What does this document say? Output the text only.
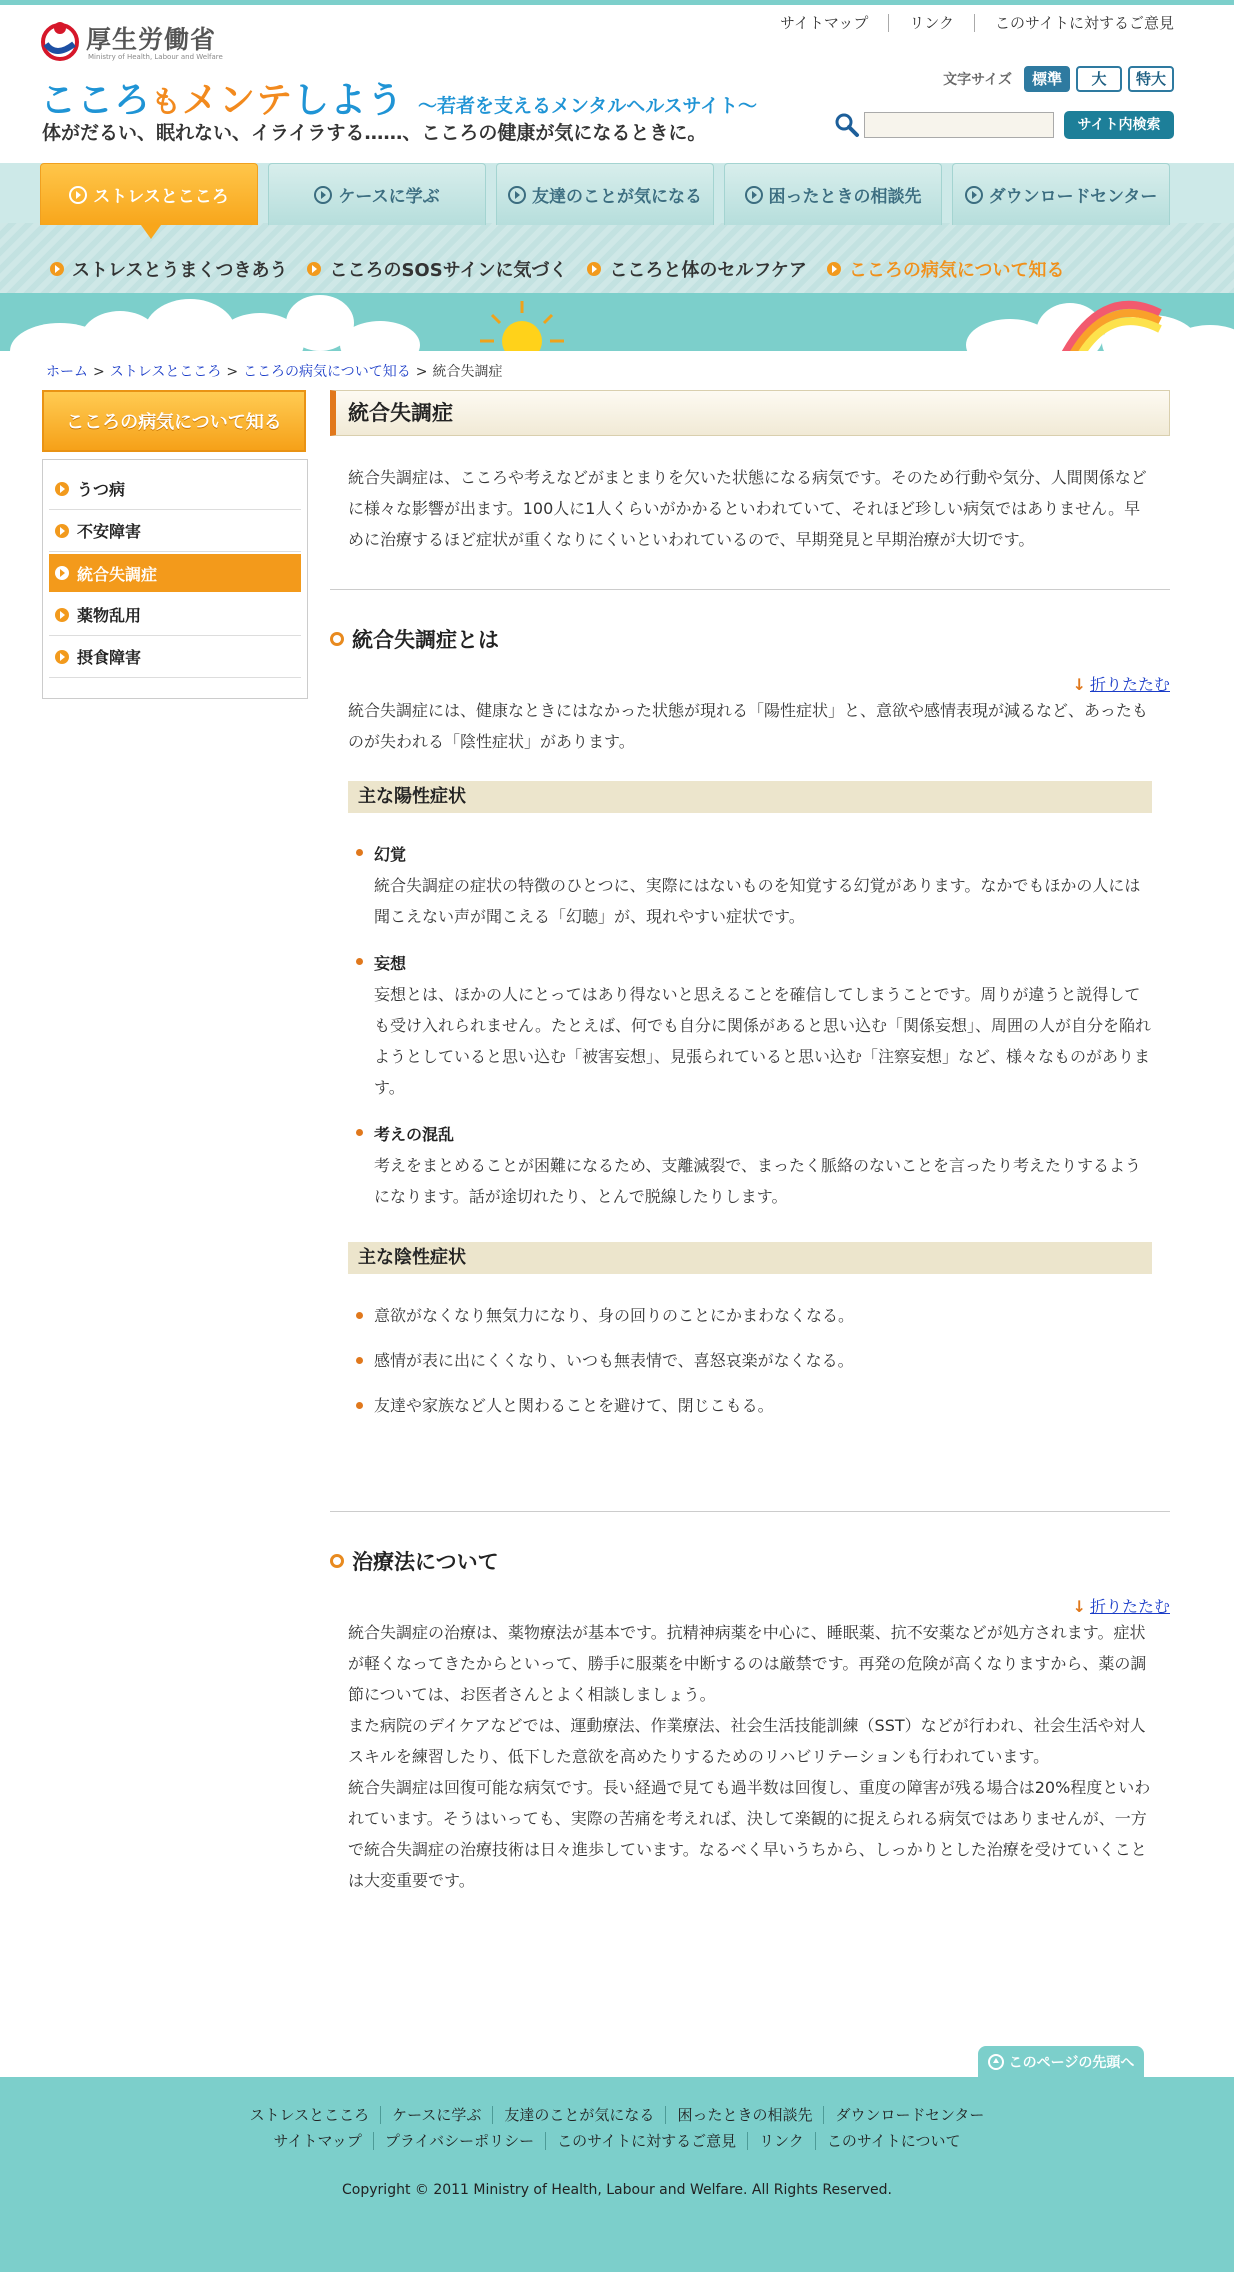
厚生労働省
Ministry of Health, Labour and Welfare
サイトマップ	リンク	このサイトに対するご意見
文字サイズ	標準	大	特大
サイト内検索
こころもメンテしよう ～若者を支えるメンタルヘルスサイト～
体がだるい、眠れない、イライラする……、こころの健康が気になるときに。
ストレスとこころ	ケースに学ぶ	友達のことが気になる	困ったときの相談先	ダウンロードセンター
ストレスとうまくつきあう こころのSOSサインに気づく こころと体のセルフケア こころの病気について知る
ホーム > ストレスとこころ > こころの病気について知る > 統合失調症
こころの病気について知る
うつ病
不安障害
統合失調症
薬物乱用
摂食障害
統合失調症

統合失調症は、こころや考えなどがまとまりを欠いた状態になる病気です。そのため行動や気分、人間関係などに様々な影響が出ます。100人に1人くらいがかかるといわれていて、それほど珍しい病気ではありません。早めに治療するほど症状が重くなりにくいといわれているので、早期発見と早期治療が大切です。

統合失調症とは
↓ 折りたたむ

統合失調症には、健康なときにはなかった状態が現れる「陽性症状」と、意欲や感情表現が減るなど、あったものが失われる「陰性症状」があります。

主な陽性症状
幻覚
統合失調症の症状の特徴のひとつに、実際にはないものを知覚する幻覚があります。なかでもほかの人には聞こえない声が聞こえる「幻聴」が、現れやすい症状です。
妄想
妄想とは、ほかの人にとってはあり得ないと思えることを確信してしまうことです。周りが違うと説得しても受け入れられません。たとえば、何でも自分に関係があると思い込む「関係妄想」、周囲の人が自分を陥れようとしていると思い込む「被害妄想」、見張られていると思い込む「注察妄想」など、様々なものがあります。
考えの混乱
考えをまとめることが困難になるため、支離滅裂で、まったく脈絡のないことを言ったり考えたりするようになります。話が途切れたり、とんで脱線したりします。
主な陰性症状
意欲がなくなり無気力になり、身の回りのことにかまわなくなる。
感情が表に出にくくなり、いつも無表情で、喜怒哀楽がなくなる。
友達や家族など人と関わることを避けて、閉じこもる。
治療法について
↓ 折りたたむ

統合失調症の治療は、薬物療法が基本です。抗精神病薬を中心に、睡眠薬、抗不安薬などが処方されます。症状が軽くなってきたからといって、勝手に服薬を中断するのは厳禁です。再発の危険が高くなりますから、薬の調節については、お医者さんとよく相談しましょう。

また病院のデイケアなどでは、運動療法、作業療法、社会生活技能訓練（SST）などが行われ、社会生活や対人スキルを練習したり、低下した意欲を高めたりするためのリハビリテーションも行われています。

統合失調症は回復可能な病気です。長い経過で見ても過半数は回復し、重度の障害が残る場合は20%程度といわれています。そうはいっても、実際の苦痛を考えれば、決して楽観的に捉えられる病気ではありませんが、一方で統合失調症の治療技術は日々進歩しています。なるべく早いうちから、しっかりとした治療を受けていくことは大変重要です。

このページの先頭へ
ストレスとこころ	ケースに学ぶ	友達のことが気になる	困ったときの相談先	ダウンロードセンター
サイトマップ	プライバシーポリシー	このサイトに対するご意見	リンク	このサイトについて
Copyright © 2011 Ministry of Health, Labour and Welfare. All Rights Reserved.
